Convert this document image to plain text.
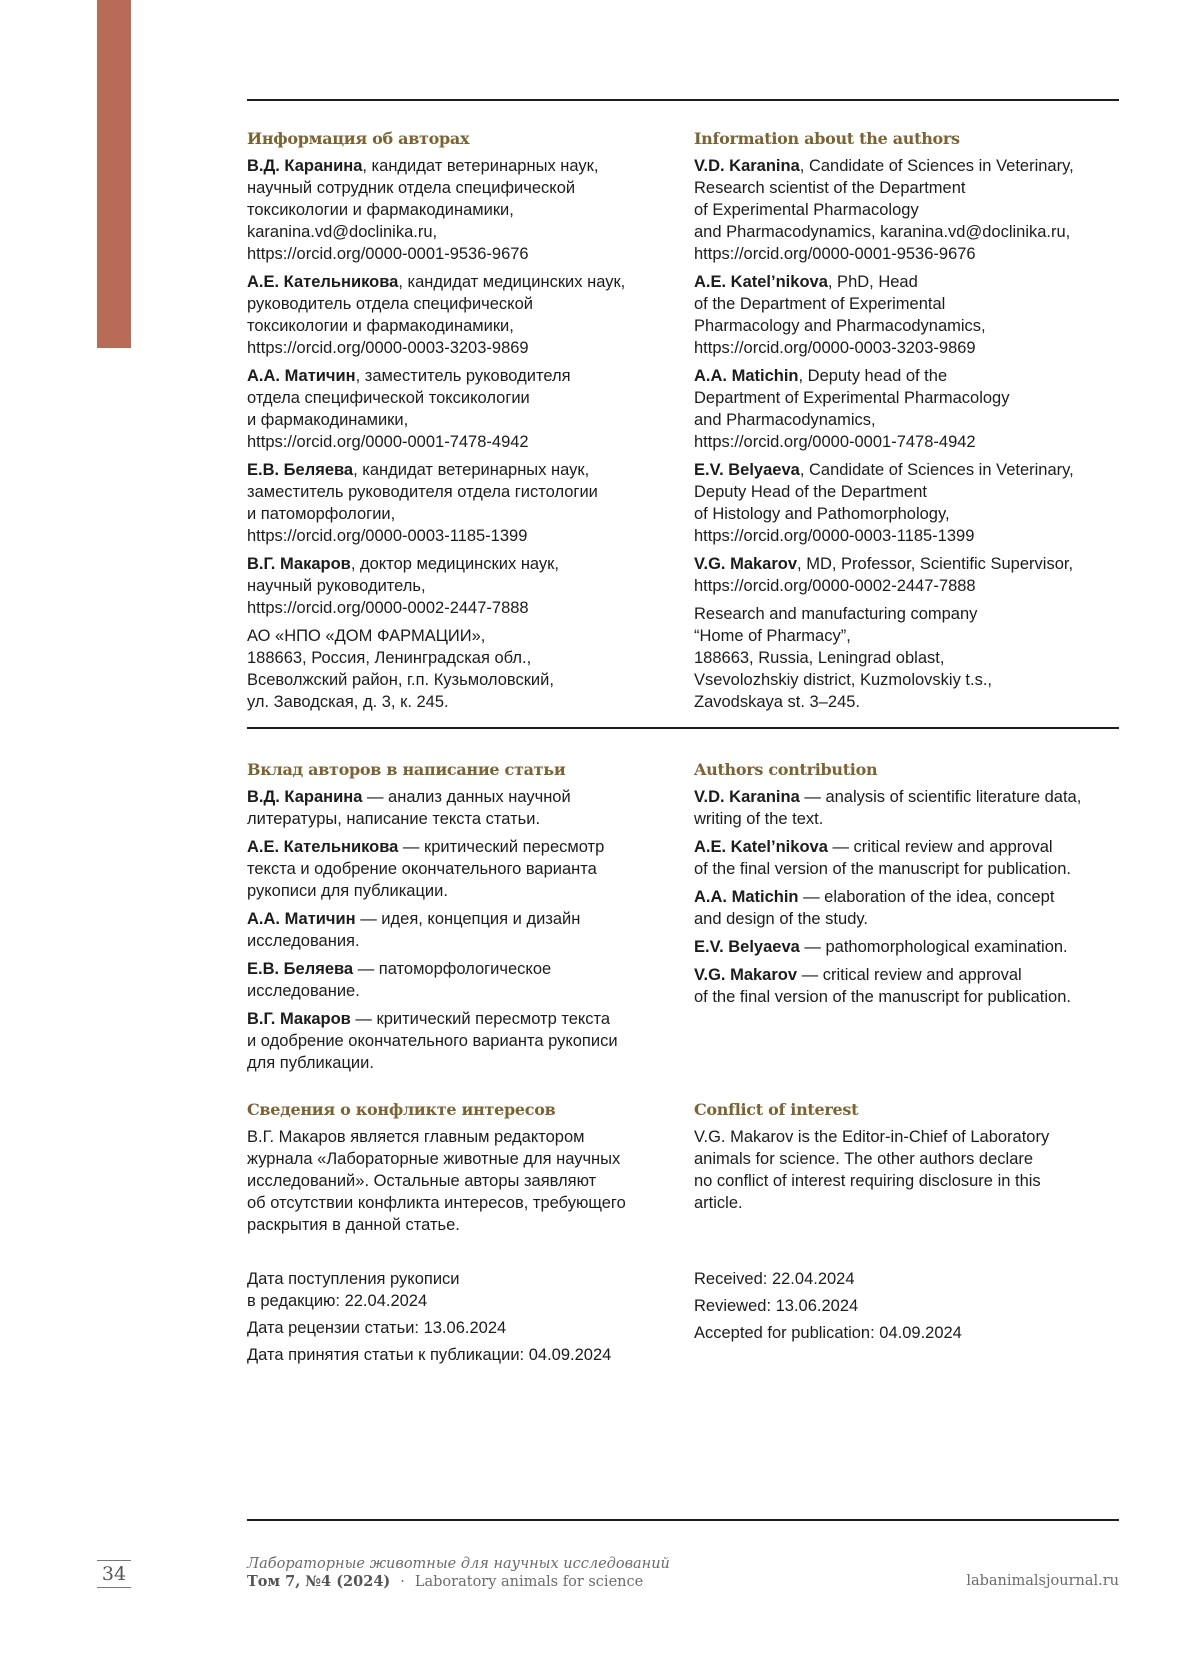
Информация об авторах

В.Д. Каранина, кандидат ветеринарных наук,
научный сотрудник отдела специфической
токсикологии и фармакодинамики,
karanina.vd@doclinika.ru,
https://orcid.org/0000-0001-9536-9676

А.Е. Кательникова, кандидат медицинских наук,
руководитель отдела специфической
токсикологии и фармакодинамики,
https://orcid.org/0000-0003-3203-9869

А.А. Матичин, заместитель руководителя
отдела специфической токсикологии
и фармакодинамики,
https://orcid.org/0000-0001-7478-4942

Е.В. Беляева, кандидат ветеринарных наук,
заместитель руководителя отдела гистологии
и патоморфологии,
https://orcid.org/0000-0003-1185-1399

В.Г. Макаров, доктор медицинских наук,
научный руководитель,
https://orcid.org/0000-0002-2447-7888

АО «НПО «ДОМ ФАРМАЦИИ»,
188663, Россия, Ленинградская обл.,
Всеволжский район, г.п. Кузьмоловский,
ул. Заводская, д. 3, к. 245.

Information about the authors

V.D. Karanina, Candidate of Sciences in Veterinary,
Research scientist of the Department
of Experimental Pharmacology
and Pharmacodynamics, karanina.vd@doclinika.ru,
https://orcid.org/0000-0001-9536-9676

A.E. Katel’nikova, PhD, Head
of the Department of Experimental
Pharmacology and Pharmacodynamics,
https://orcid.org/0000-0003-3203-9869

A.A. Matichin, Deputy head of the
Department of Experimental Pharmacology
and Pharmacodynamics,
https://orcid.org/0000-0001-7478-4942

E.V. Belyaeva, Candidate of Sciences in Veterinary,
Deputy Head of the Department
of Histology and Pathomorphology,
https://orcid.org/0000-0003-1185-1399

V.G. Makarov, MD, Professor, Scientific Supervisor,
https://orcid.org/0000-0002-2447-7888

Research and manufacturing company
“Home of Pharmacy”,
188663, Russia, Leningrad oblast,
Vsevolozhskiy district, Kuzmolovskiy t.s.,
Zavodskaya st. 3–245.

Вклад авторов в написание статьи

В.Д. Каранина — анализ данных научной
литературы, написание текста статьи.

А.Е. Кательникова — критический пересмотр
текста и одобрение окончательного варианта
рукописи для публикации.

А.А. Матичин — идея, концепция и дизайн
исследования.

Е.В. Беляева — патоморфологическое
исследование.

В.Г. Макаров — критический пересмотр текста
и одобрение окончательного варианта рукописи
для публикации.

Authors contribution

V.D. Karanina — analysis of scientific literature data,
writing of the text.

A.E. Katel’nikova — critical review and approval
of the final version of the manuscript for publication.

A.A. Matichin — elaboration of the idea, concept
and design of the study.

E.V. Belyaeva — pathomorphological examination.

V.G. Makarov — critical review and approval
of the final version of the manuscript for publication.

Сведения о конфликте интересов

В.Г. Макаров является главным редактором
журнала «Лабораторные животные для научных
исследований». Остальные авторы заявляют
об отсутствии конфликта интересов, требующего
раскрытия в данной статье.

Conflict of interest

V.G. Makarov is the Editor-in-Chief of Laboratory
animals for science. The other authors declare
no conflict of interest requiring disclosure in this
article.

Дата поступления рукописи
в редакцию: 22.04.2024

Дата рецензии статьи: 13.06.2024

Дата принятия статьи к публикации: 04.09.2024

Received: 22.04.2024

Reviewed: 13.06.2024

Accepted for publication: 04.09.2024

34	Лабораторные животные для научных исследований
Том 7, №4 (2024) · Laboratory animals for science	labanimalsjournal.ru
